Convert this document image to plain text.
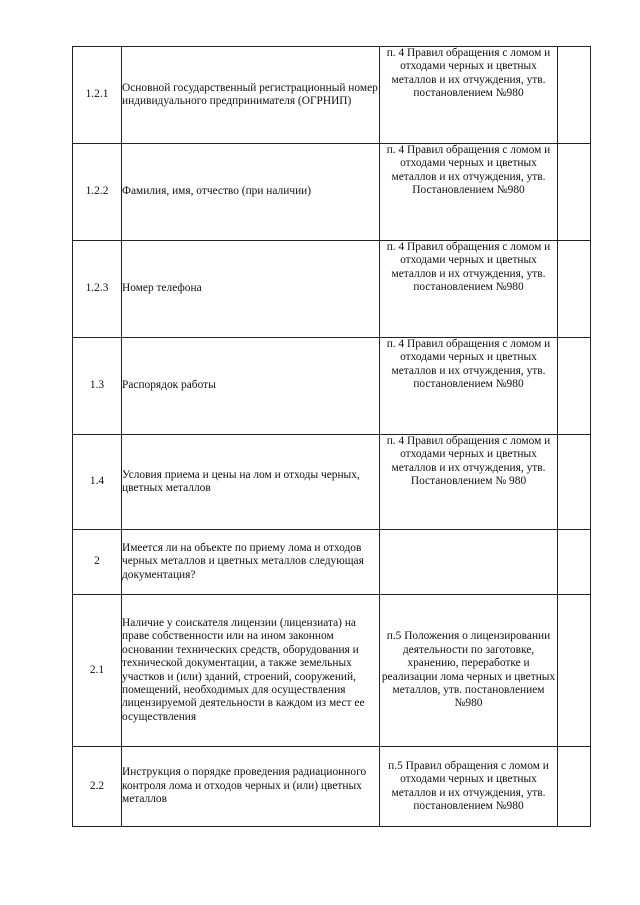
1.2.1	Основной государственный регистрационный номер индивидуального предпринимателя (ОГРНИП)	п. 4 Правил обращения с ломом и отходами черных и цветных металлов и их отчуждения, утв. постановлением №980	
1.2.2	Фамилия, имя, отчество (при наличии)	п. 4 Правил обращения с ломом и отходами черных и цветных металлов и их отчуждения, утв. Постановлением №980	
1.2.3	Номер телефона	п. 4 Правил обращения с ломом и отходами черных и цветных металлов и их отчуждения, утв. постановлением №980	
1.3	Распорядок работы	п. 4 Правил обращения с ломом и отходами черных и цветных металлов и их отчуждения, утв. постановлением №980	
1.4	Условия приема и цены на лом и отходы черных, цветных металлов	п. 4 Правил обращения с ломом и отходами черных и цветных металлов и их отчуждения, утв. Постановлением № 980	
2	Имеется ли на объекте по приему лома и отходов черных металлов и цветных металлов следующая документация?		
2.1	Наличие у соискателя лицензии (лицензиата) на праве собственности или на ином законном основании технических средств, оборудования и технической документации, а также земельных участков и (или) зданий, строений, сооружений, помещений, необходимых для осуществления лицензируемой деятельности в каждом из мест ее осуществления	п.5 Положения о лицензировании деятельности по заготовке, хранению, переработке и реализации лома черных и цветных металлов, утв. постановлением №980	
2.2	Инструкция о порядке проведения радиационного контроля лома и отходов черных и (или) цветных металлов	п.5 Правил обращения с ломом и отходами черных и цветных металлов и их отчуждения, утв. постановлением №980	
